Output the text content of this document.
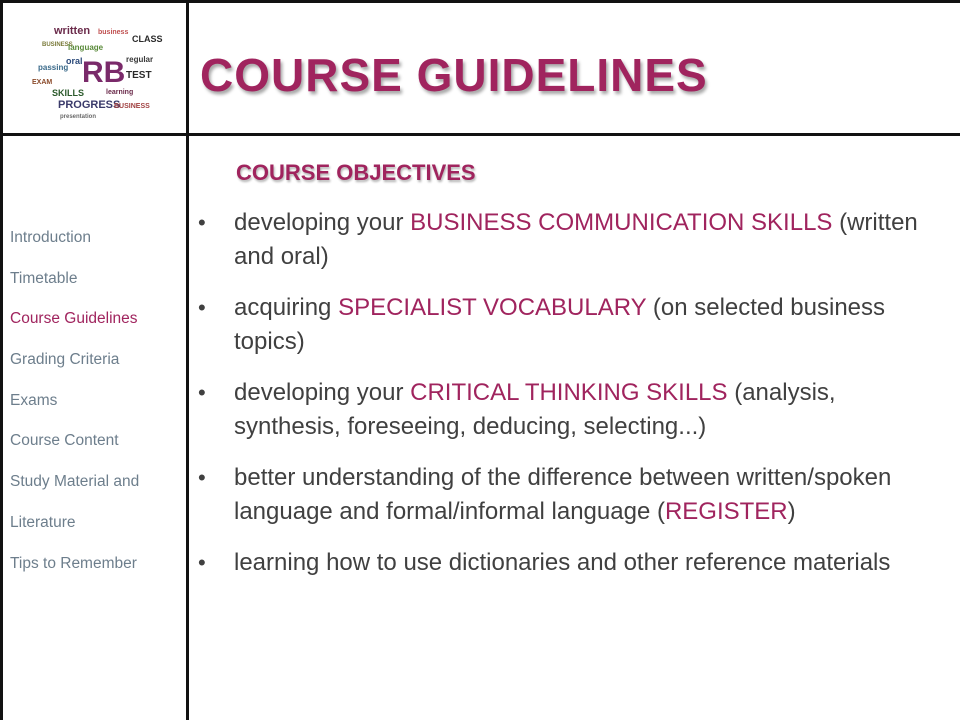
written business
CLASS
BUSINESS
language
RB
oral	regular
passing
TEST
EXAM
SKILLS	learning
PROGRESS
presentation
BUSINESS
COURSE GUIDELINES
Introduction
Timetable
Course Guidelines
Grading Criteria
Exams
Course Content
Study Material and
Literature
Tips to Remember
COURSE OBJECTIVES
• developing your BUSINESS COMMUNICATION SKILLS (written and oral)
• acquiring SPECIALIST VOCABULARY (on selected business topics)
• developing your CRITICAL THINKING SKILLS (analysis, synthesis, foreseeing, deducing, selecting...)
• better understanding of the difference between written/spoken language and formal/informal language (REGISTER)
• learning how to use dictionaries and other reference materials
